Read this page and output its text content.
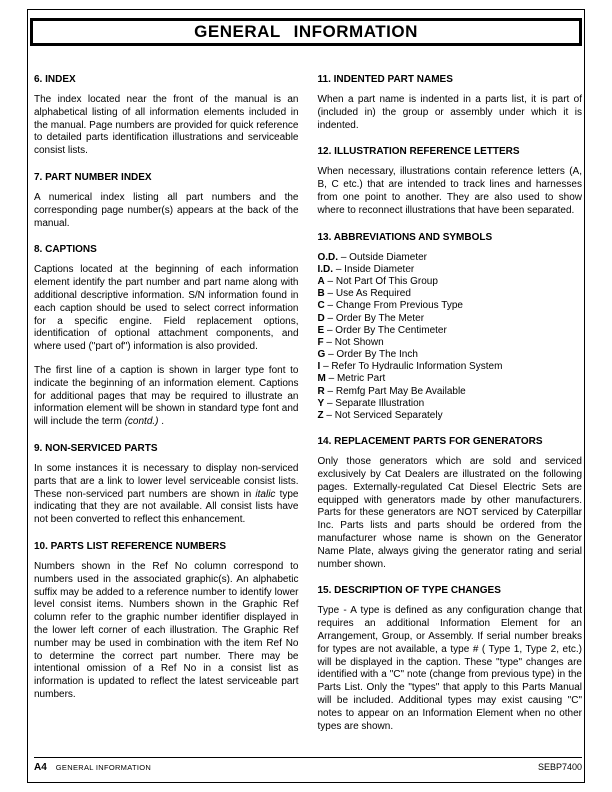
GENERAL INFORMATION
6. INDEX

The index located near the front of the manual is an alphabetical listing of all information elements included in the manual. Page numbers are provided for quick reference to detailed parts identification illustrations and serviceable consist lists.

7. PART NUMBER INDEX

A numerical index listing all part numbers and the corresponding page number(s) appears at the back of the manual.

8. CAPTIONS

Captions located at the beginning of each information element identify the part number and part name along with additional descriptive information. S/N information found in each caption should be used to select correct information for a specific engine. Field replacement options, identification of optional attachment components, and where used ("part of") information is also provided.

The first line of a caption is shown in larger type font to indicate the beginning of an information element. Captions for additional pages that may be required to illustrate an information element will be shown in standard type font and will include the term (contd.) .

9. NON-SERVICED PARTS

In some instances it is necessary to display non-serviced parts that are a link to lower level serviceable consist lists. These non-serviced part numbers are shown in italic type indicating that they are not available. All consist lists have not been converted to reflect this enhancement.

10. PARTS LIST REFERENCE NUMBERS

Numbers shown in the Ref No column correspond to numbers used in the associated graphic(s). An alphabetic suffix may be added to a reference number to identify lower level consist items. Numbers shown in the Graphic Ref column refer to the graphic number identifier displayed in the lower left corner of each illustration. The Graphic Ref number may be used in combination with the item Ref No to determine the correct part number. There may be intentional omission of a Ref No in a consist list as information is updated to reflect the latest serviceable part numbers.

11. INDENTED PART NAMES

When a part name is indented in a parts list, it is part of (included in) the group or assembly under which it is indented.

12. ILLUSTRATION REFERENCE LETTERS

When necessary, illustrations contain reference letters (A, B, C etc.) that are intended to track lines and harnesses from one point to another. They are also used to show where to reconnect illustrations that have been separated.

13. ABBREVIATIONS AND SYMBOLS
O.D. – Outside Diameter
I.D. – Inside Diameter
A – Not Part Of This Group
B – Use As Required
C – Change From Previous Type
D – Order By The Meter
E – Order By The Centimeter
F – Not Shown
G – Order By The Inch
I – Refer To Hydraulic Information System
M – Metric Part
R – Remfg Part May Be Available
Y – Separate Illustration
Z – Not Serviced Separately
14. REPLACEMENT PARTS FOR GENERATORS

Only those generators which are sold and serviced exclusively by Cat Dealers are illustrated on the following pages. Externally-regulated Cat Diesel Electric Sets are equipped with generators made by other manufacturers. Parts for these generators are NOT serviced by Caterpillar Inc. Parts lists and parts should be ordered from the manufacturer whose name is shown on the Generator Name Plate, always giving the generator rating and serial number shown.

15. DESCRIPTION OF TYPE CHANGES

Type - A type is defined as any configuration change that requires an additional Information Element for an Arrangement, Group, or Assembly. If serial number breaks for types are not available, a type # ( Type 1, Type 2, etc.) will be displayed in the caption. These "type" changes are identified with a "C" note (change from previous type) in the Parts List. Only the "types" that apply to this Parts Manual will be included. Additional types may exist causing "C" notes to appear on an Information Element when no other types are shown.

A4 GENERAL INFORMATION	SEBP7400
